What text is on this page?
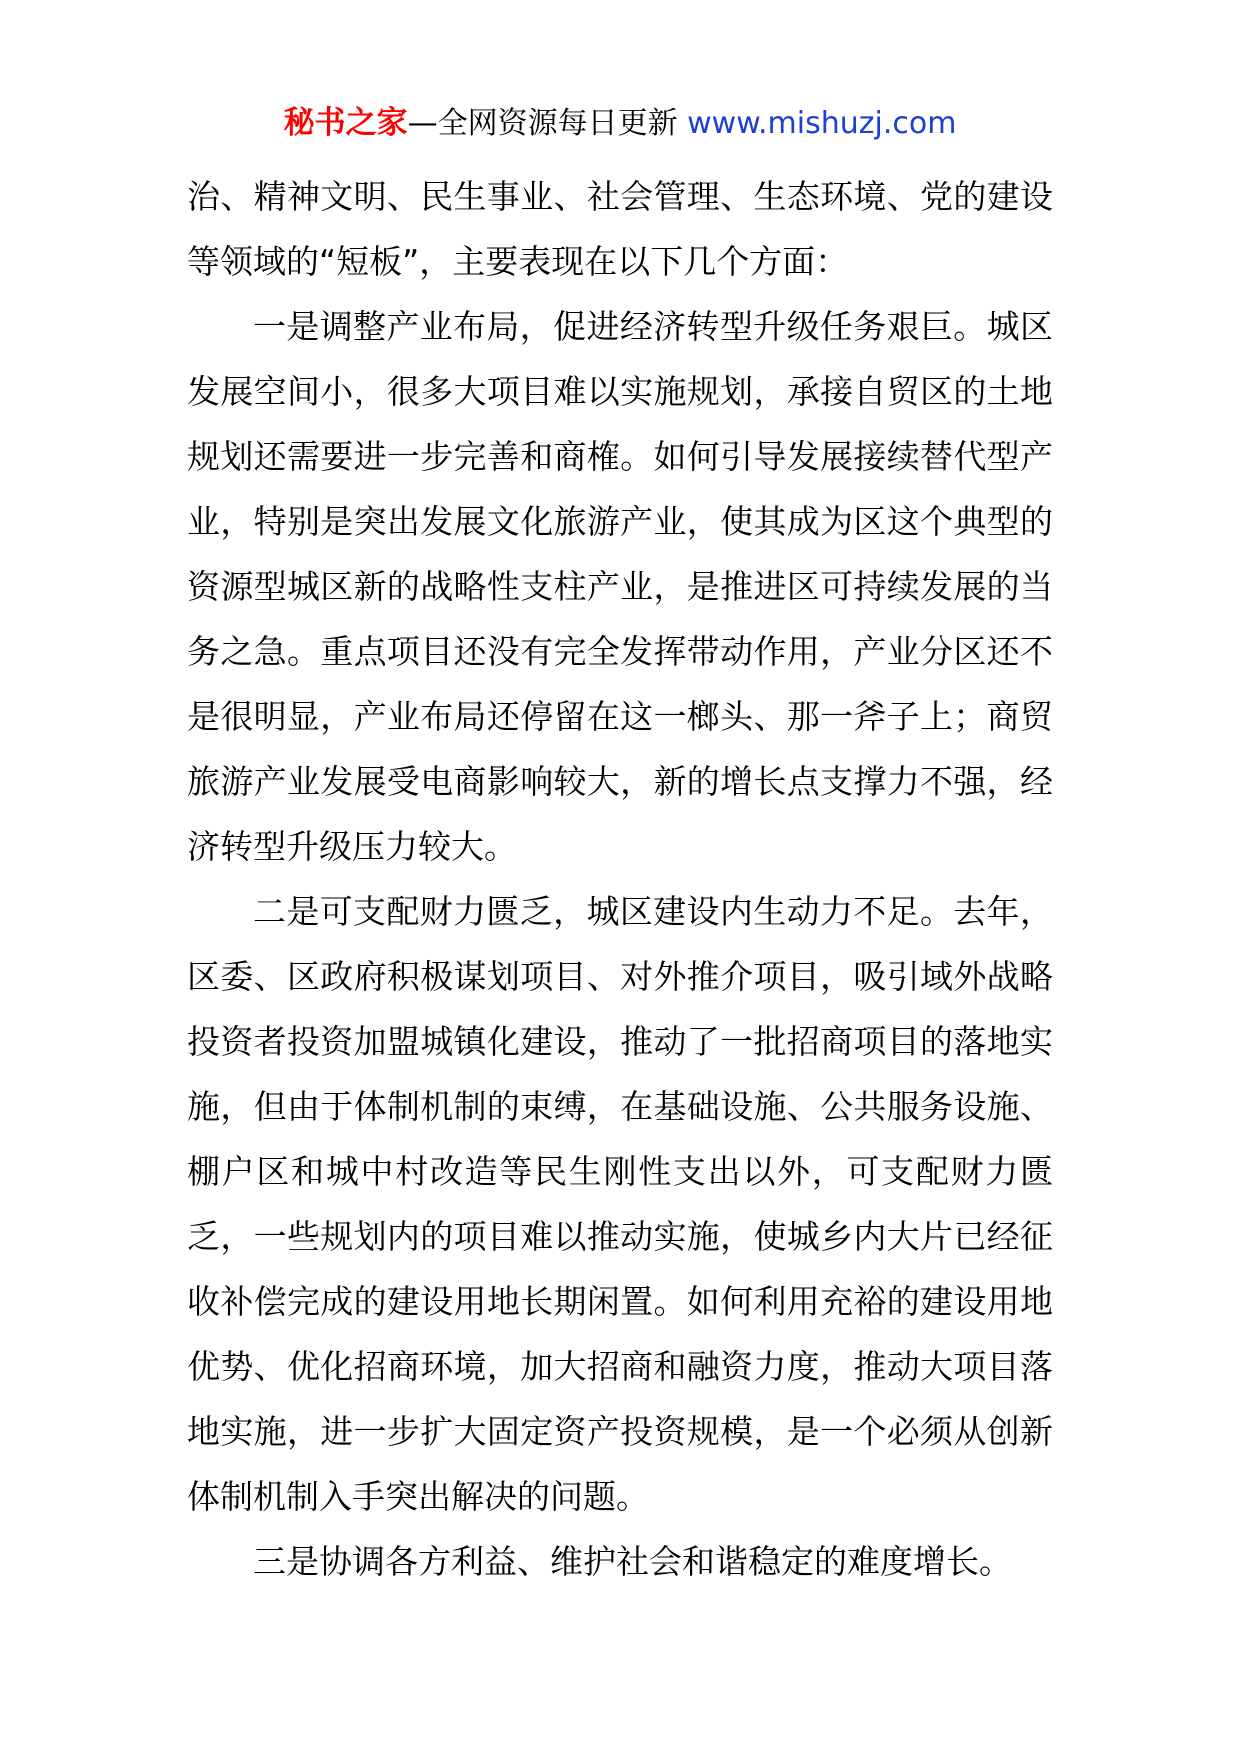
秘书之家—全网资源每日更新 www.mishuzj.com

治、精神文明、民生事业、社会管理、生态环境、党的建设等领域的“短板”，主要表现在以下几个方面：

一是调整产业布局，促进经济转型升级任务艰巨。城区发展空间小，很多大项目难以实施规划，承接自贸区的土地规划还需要进一步完善和商榷。如何引导发展接续替代型产业，特别是突出发展文化旅游产业，使其成为区这个典型的资源型城区新的战略性支柱产业，是推进区可持续发展的当务之急。重点项目还没有完全发挥带动作用，产业分区还不是很明显，产业布局还停留在这一榔头、那一斧子上；商贸旅游产业发展受电商影响较大，新的增长点支撑力不强，经济转型升级压力较大。

二是可支配财力匮乏，城区建设内生动力不足。去年，区委、区政府积极谋划项目、对外推介项目，吸引域外战略投资者投资加盟城镇化建设，推动了一批招商项目的落地实施，但由于体制机制的束缚，在基础设施、公共服务设施、棚户区和城中村改造等民生刚性支出以外，可支配财力匮乏，一些规划内的项目难以推动实施，使城乡内大片已经征收补偿完成的建设用地长期闲置。如何利用充裕的建设用地优势、优化招商环境，加大招商和融资力度，推动大项目落地实施，进一步扩大固定资产投资规模，是一个必须从创新体制机制入手突出解决的问题。

三是协调各方利益、维护社会和谐稳定的难度增长。
